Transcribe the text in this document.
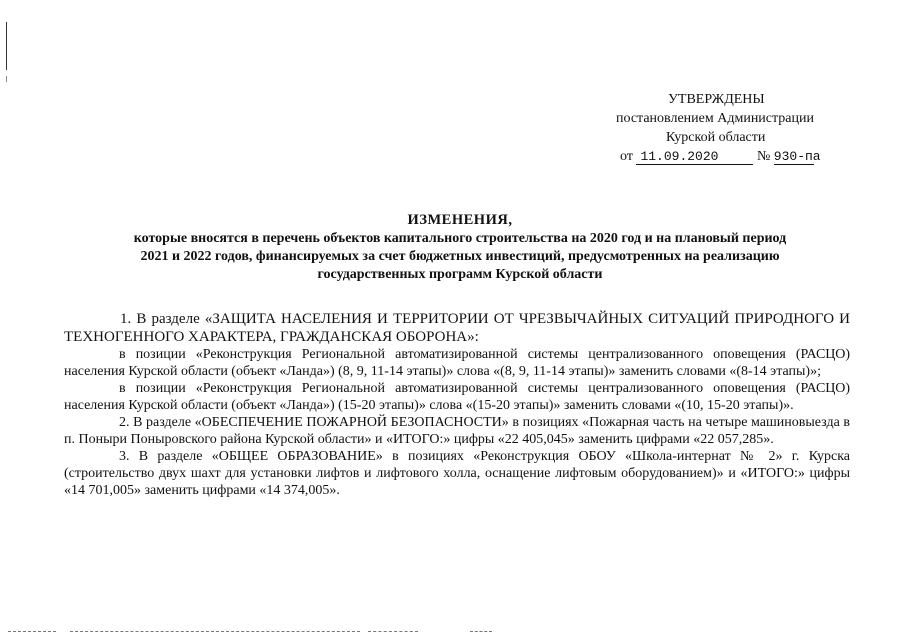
УТВЕРЖДЕНЫ
постановлением Администрации
Курской области
от 11.09.2020	№ 930-па
ИЗМЕНЕНИЯ,
которые вносятся в перечень объектов капитального строительства на 2020 год и на плановый период
2021 и 2022 годов, финансируемых за счет бюджетных инвестиций, предусмотренных на реализацию
государственных программ Курской области

1. В разделе «ЗАЩИТА НАСЕЛЕНИЯ И ТЕРРИТОРИИ ОТ ЧРЕЗВЫЧАЙНЫХ СИТУАЦИЙ ПРИРОДНОГО И ТЕХНОГЕННОГО ХАРАКТЕРА, ГРАЖДАНСКАЯ ОБОРОНА»:

в позиции «Реконструкция Региональной автоматизированной системы централизованного оповещения (РАСЦО) населения Курской области (объект «Ланда») (8, 9, 11-14 этапы)» слова «(8, 9, 11-14 этапы)» заменить словами «(8-14 этапы)»;

в позиции «Реконструкция Региональной автоматизированной системы централизованного оповещения (РАСЦО) населения Курской области (объект «Ланда») (15-20 этапы)» слова «(15-20 этапы)» заменить словами «(10, 15-20 этапы)».

2. В разделе «ОБЕСПЕЧЕНИЕ ПОЖАРНОЙ БЕЗОПАСНОСТИ» в позициях «Пожарная часть на четыре машиновыезда в п. Поныри Поныровского района Курской области» и «ИТОГО:» цифры «22 405,045» заменить цифрами «22 057,285».

3. В разделе «ОБЩЕЕ ОБРАЗОВАНИЕ» в позициях «Реконструкция ОБОУ «Школа-интернат № 2» г. Курска (строительство двух шахт для установки лифтов и лифтового холла, оснащение лифтовым оборудованием)» и «ИТОГО:» цифры «14 701,005» заменить цифрами «14 374,005».
